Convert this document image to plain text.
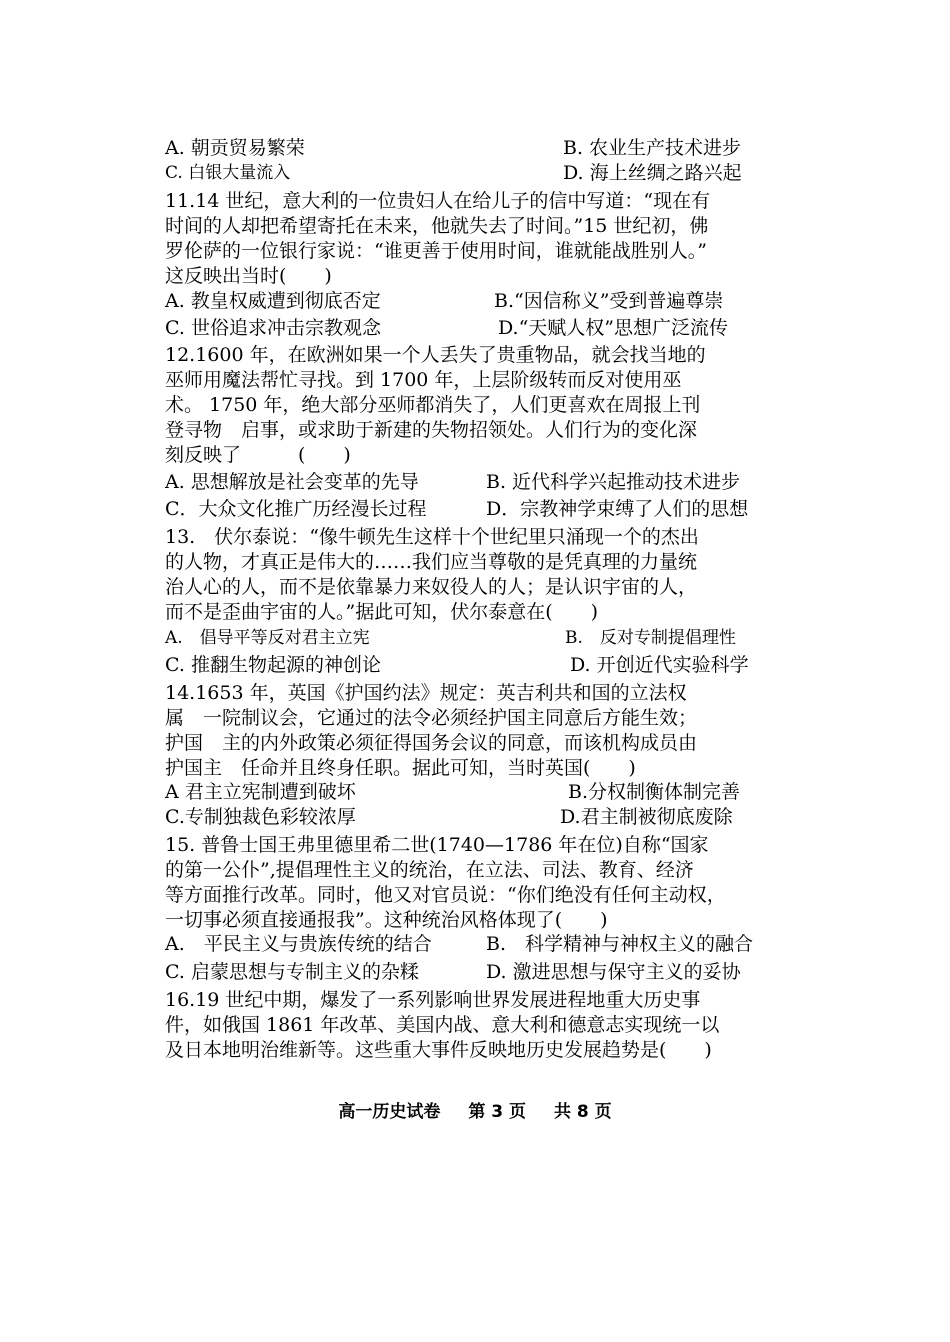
A. 朝贡贸易繁荣	B. 农业生产技术进步
C. 白银大量流入	D. 海上丝绸之路兴起
11.14 世纪，意大利的一位贵妇人在给儿子的信中写道：“现在有
时间的人却把希望寄托在未来，他就失去了时间。”15 世纪初，佛
罗伦萨的一位银行家说：“谁更善于使用时间，谁就能战胜别人。”
这反映出当时(　　)
A. 教皇权威遭到彻底否定	B.“因信称义”受到普遍尊崇
C. 世俗追求冲击宗教观念	D.“天赋人权”思想广泛流传
12.1600 年，在欧洲如果一个人丢失了贵重物品，就会找当地的
巫师用魔法帮忙寻找。到 1700 年，上层阶级转而反对使用巫
术。 1750 年，绝大部分巫师都消失了，人们更喜欢在周报上刊
登寻物　启事，或求助于新建的失物招领处。人们行为的变化深
刻反映了　　　(　　)
A. 思想解放是社会变革的先导	B. 近代科学兴起推动技术进步
C．大众文化推广历经漫长过程	D．宗教神学束缚了人们的思想
13.　伏尔泰说：“像牛顿先生这样十个世纪里只涌现一个的杰出
的人物，才真正是伟大的……我们应当尊敬的是凭真理的力量统
治人心的人，而不是依靠暴力来奴役人的人；是认识宇宙的人，
而不是歪曲宇宙的人。”据此可知，伏尔泰意在(　　)
A.　倡导平等反对君主立宪	B.　反对专制提倡理性
C. 推翻生物起源的神创论	D. 开创近代实验科学
14.1653 年，英国《护国约法》规定：英吉利共和国的立法权
属　一院制议会，它通过的法令必须经护国主同意后方能生效；
护国　主的内外政策必须征得国务会议的同意，而该机构成员由
护国主　任命并且终身任职。据此可知，当时英国(　　)
A 君主立宪制遭到破坏	B.分权制衡体制完善
C.专制独裁色彩较浓厚	D.君主制被彻底废除
15. 普鲁士国王弗里德里希二世(1740—1786 年在位)自称“国家
的第一公仆”,提倡理性主义的统治，在立法、司法、教育、经济
等方面推行改革。同时，他又对官员说：“你们绝没有任何主动权，
一切事必须直接通报我”。这种统治风格体现了(　　)
A.　平民主义与贵族传统的结合	B.　科学精神与神权主义的融合
C. 启蒙思想与专制主义的杂糅	D. 激进思想与保守主义的妥协
16.19 世纪中期，爆发了一系列影响世界发展进程地重大历史事
件，如俄国 1861 年改革、美国内战、意大利和德意志实现统一以
及日本地明治维新等。这些重大事件反映地历史发展趋势是(　　)
高一历史试卷 第 3 页 共 8 页
